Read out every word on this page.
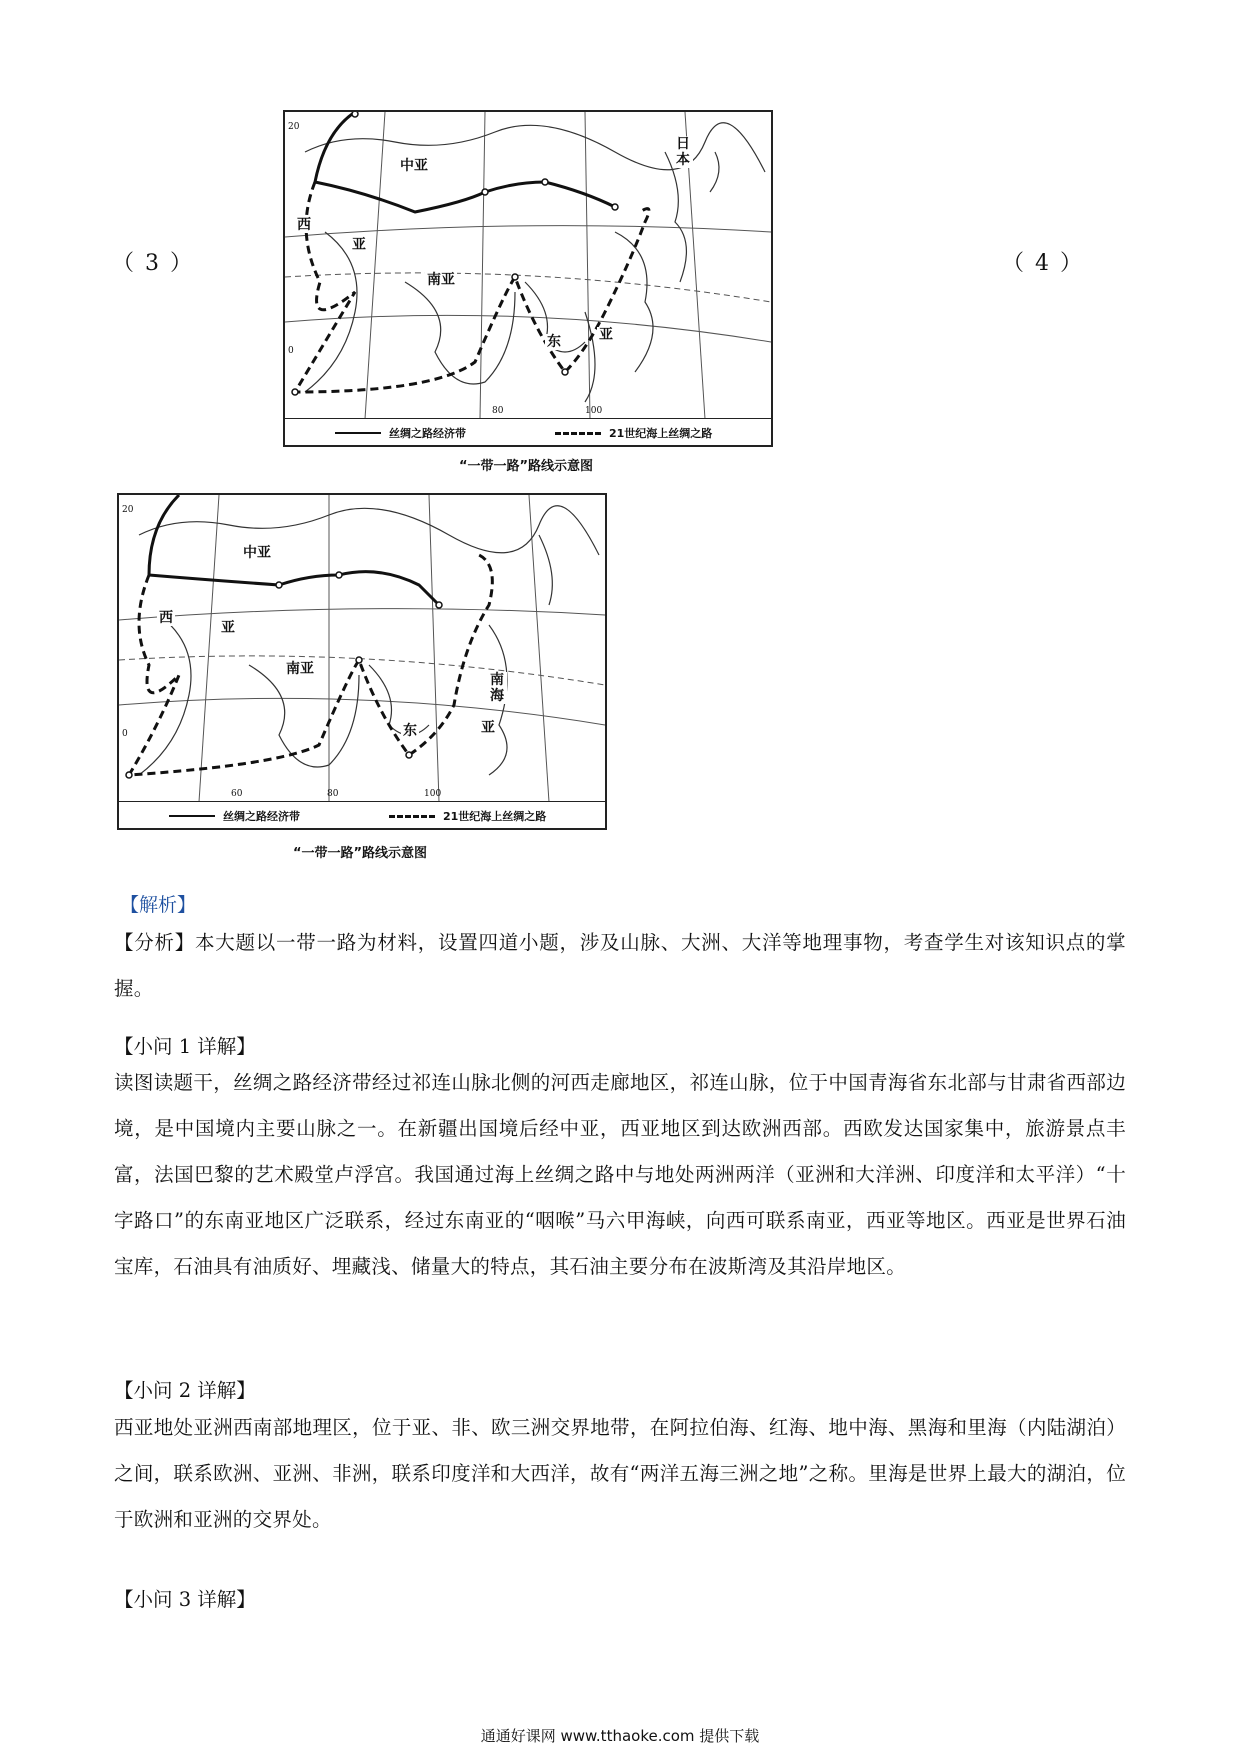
（ 3 ）	（ 4 ）
中亚
西
亚
南亚
日本
东	亚
20
0
80	100
丝绸之路经济带	21世纪海上丝绸之路
“一带一路”路线示意图
中亚
西
亚
南亚
南海
东	亚
20
0
60	80	100
丝绸之路经济带	21世纪海上丝绸之路
“一带一路”路线示意图
【解析】
【分析】本大题以一带一路为材料，设置四道小题，涉及山脉、大洲、大洋等地理事物，考查学生对该知识点的掌握。
【小问 1 详解】
读图读题干，丝绸之路经济带经过祁连山脉北侧的河西走廊地区，祁连山脉，位于中国青海省东北部与甘肃省西部边境，是中国境内主要山脉之一。在新疆出国境后经中亚，西亚地区到达欧洲西部。西欧发达国家集中，旅游景点丰富，法国巴黎的艺术殿堂卢浮宫。我国通过海上丝绸之路中与地处两洲两洋（亚洲和大洋洲、印度洋和太平洋）“十字路口”的东南亚地区广泛联系，经过东南亚的“咽喉”马六甲海峡，向西可联系南亚，西亚等地区。西亚是世界石油宝库，石油具有油质好、埋藏浅、储量大的特点，其石油主要分布在波斯湾及其沿岸地区。
【小问 2 详解】
西亚地处亚洲西南部地理区，位于亚、非、欧三洲交界地带，在阿拉伯海、红海、地中海、黑海和里海（内陆湖泊）之间，联系欧洲、亚洲、非洲，联系印度洋和大西洋，故有“两洋五海三洲之地”之称。里海是世界上最大的湖泊，位于欧洲和亚洲的交界处。
【小问 3 详解】
通通好课网 www.tthaoke.com 提供下载
